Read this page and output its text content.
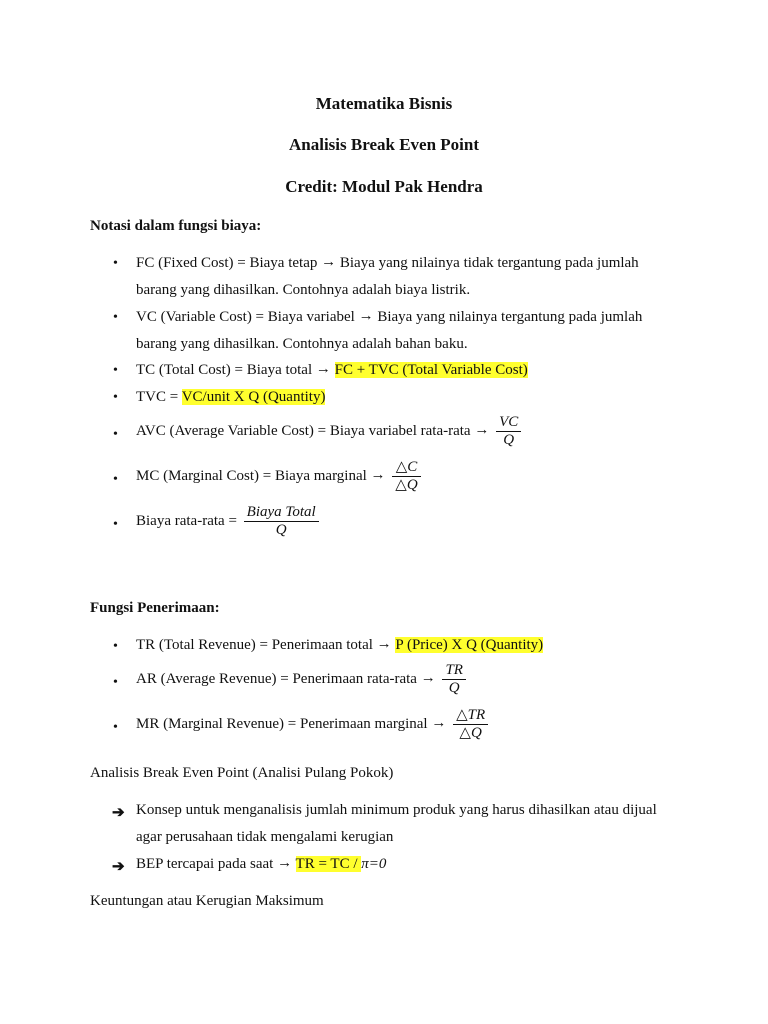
Matematika Bisnis
Analisis Break Even Point
Credit: Modul Pak Hendra
Notasi dalam fungsi biaya:
• FC (Fixed Cost) = Biaya tetap → Biaya yang nilainya tidak tergantung pada jumlah
barang yang dihasilkan. Contohnya adalah biaya listrik.
• VC (Variable Cost) = Biaya variabel → Biaya yang nilainya tergantung pada jumlah
barang yang dihasilkan. Contohnya adalah bahan baku.
• TC (Total Cost) = Biaya total → FC + TVC (Total Variable Cost)
• TVC = VC/unit X Q (Quantity)
• AVC (Average Variable Cost) = Biaya variabel rata-rata → $\frac{VC}{Q}$
• MC (Marginal Cost) = Biaya marginal → $\frac{\triangle C}{\triangle Q}$
• Biaya rata-rata = $\frac{\text{Biaya Total}}{Q}$
Fungsi Penerimaan:
• TR (Total Revenue) = Penerimaan total → P (Price) X Q (Quantity)
• AR (Average Revenue) = Penerimaan rata-rata → $\frac{TR}{Q}$
• MR (Marginal Revenue) = Penerimaan marginal → $\frac{\triangle TR}{\triangle Q}$
Analisis Break Even Point (Analisi Pulang Pokok)
➔ Konsep untuk menganalisis jumlah minimum produk yang harus dihasilkan atau dijual
agar perusahaan tidak mengalami kerugian
➔ BEP tercapai pada saat → TR = TC / π=0
Keuntungan atau Kerugian Maksimum
